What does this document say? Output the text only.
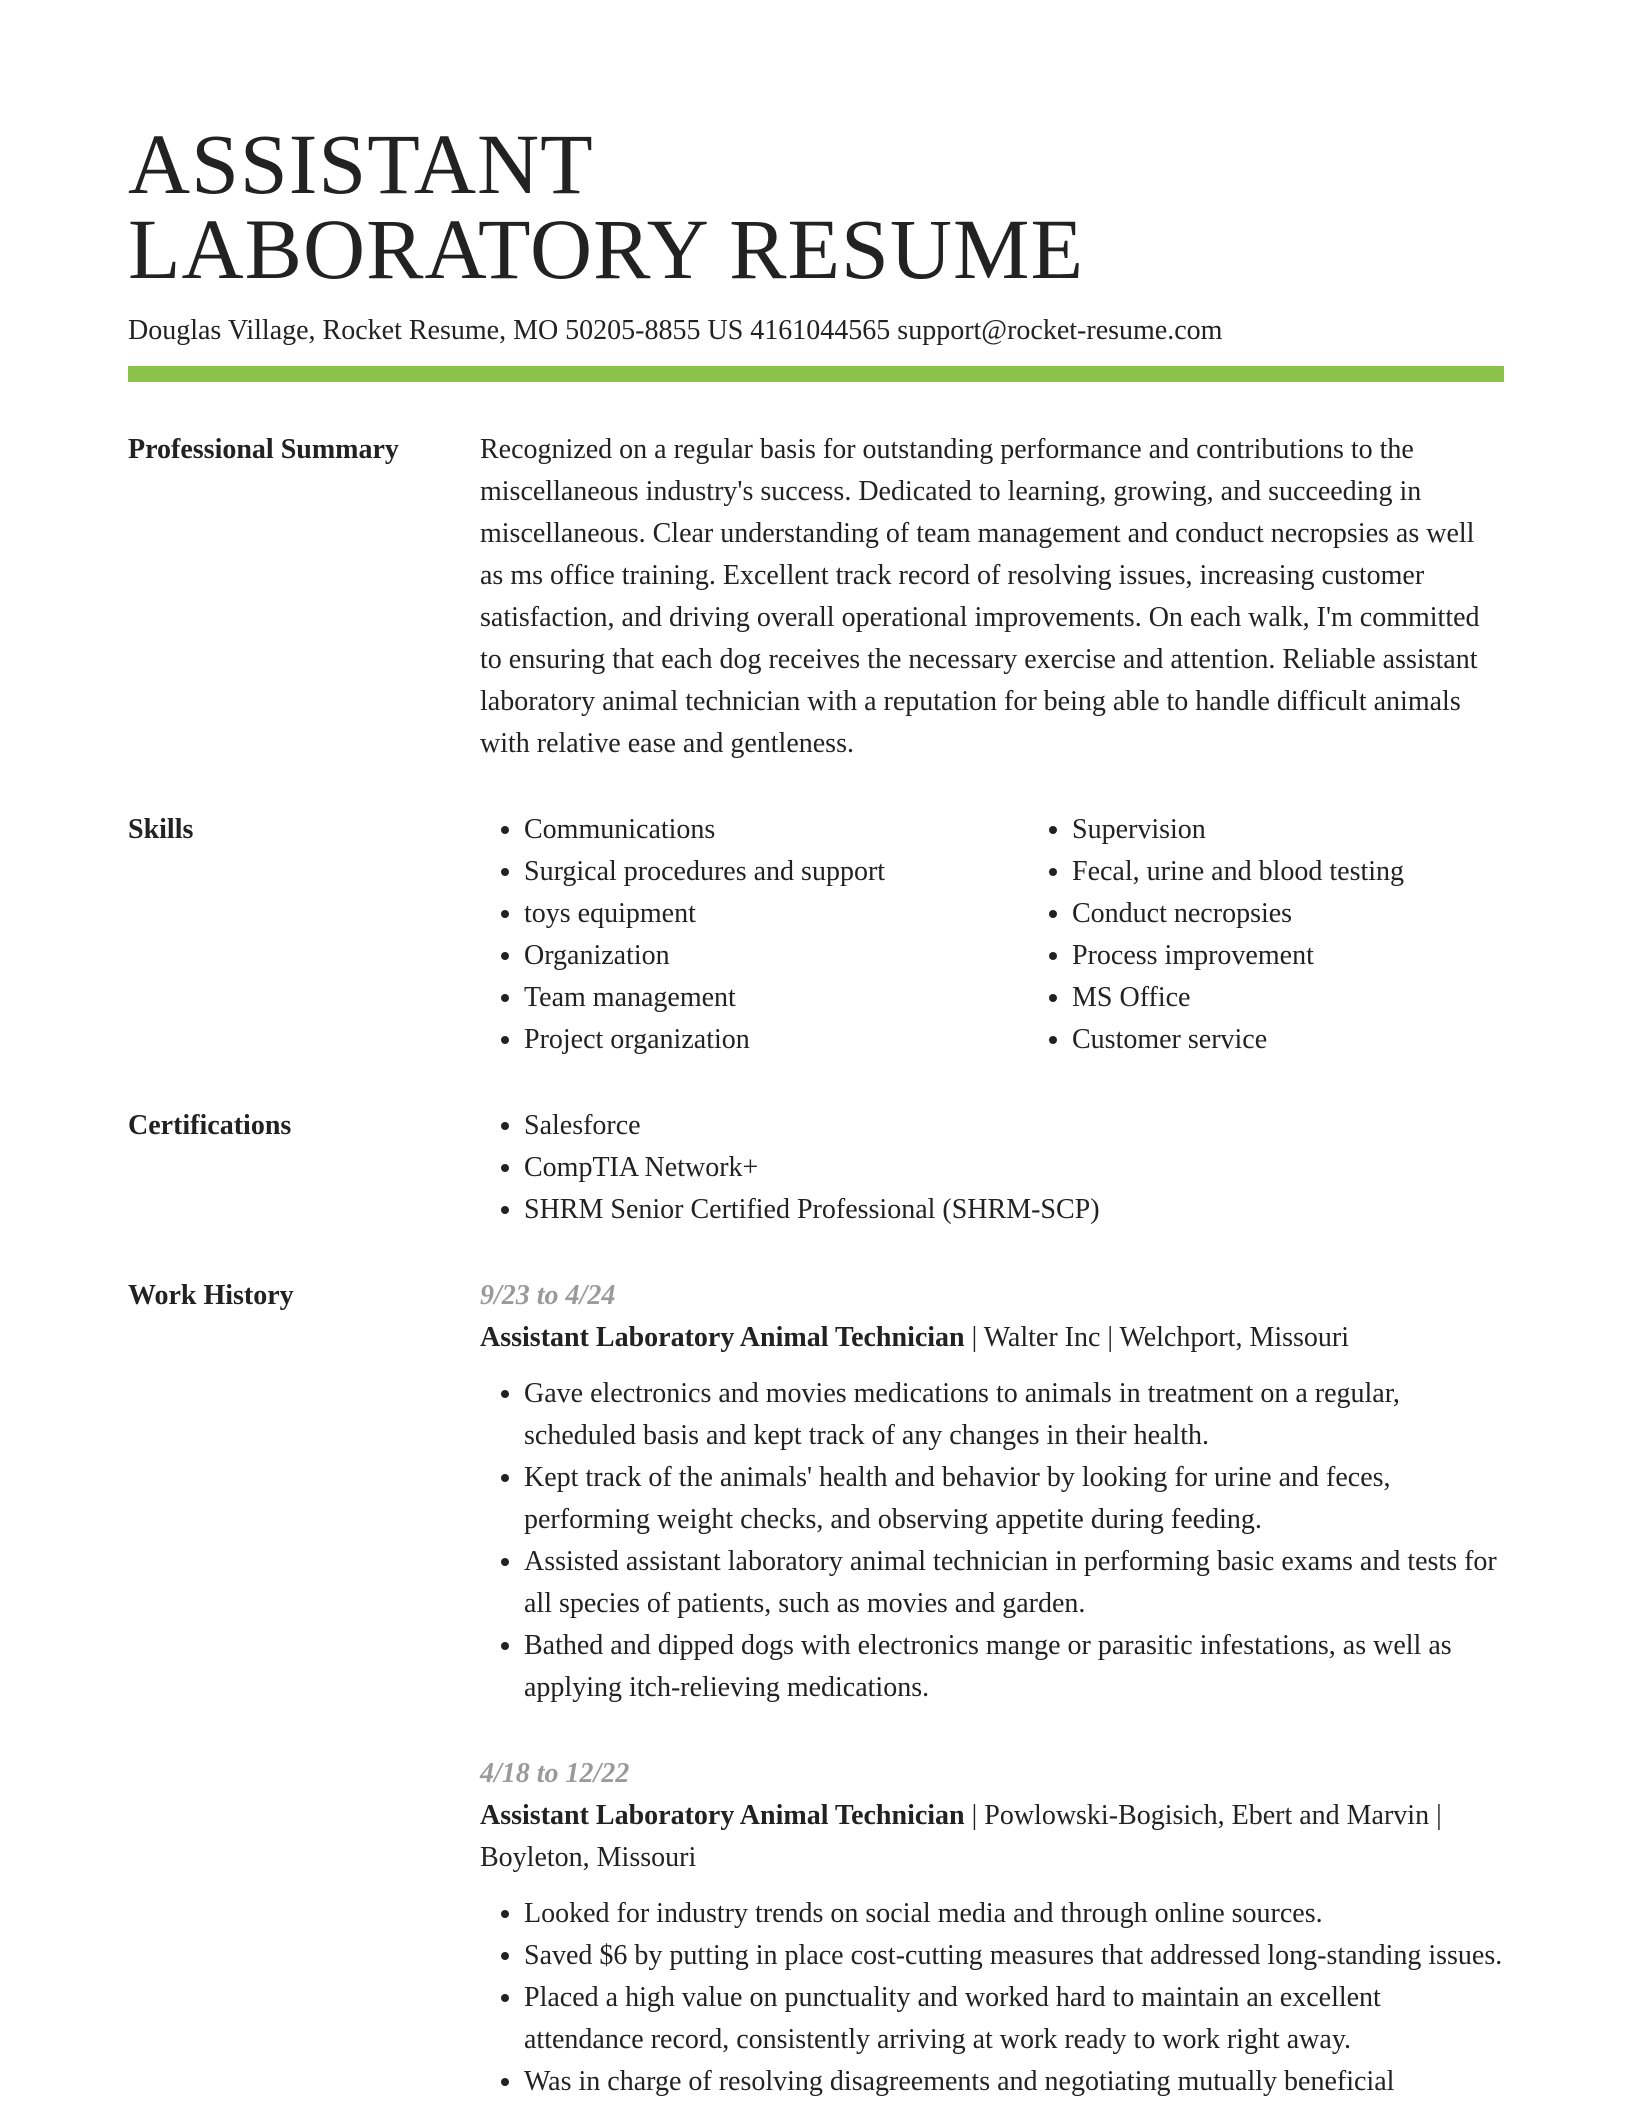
ASSISTANT
LABORATORY RESUME
Douglas Village, Rocket Resume, MO 50205-8855 US 4161044565 support@rocket-resume.com
Professional Summary	Recognized on a regular basis for outstanding performance and contributions to the miscellaneous industry's success. Dedicated to learning, growing, and succeeding in miscellaneous. Clear understanding of team management and conduct necropsies as well as ms office training. Excellent track record of resolving issues, increasing customer satisfaction, and driving overall operational improvements. On each walk, I'm committed to ensuring that each dog receives the necessary exercise and attention. Reliable assistant laboratory animal technician with a reputation for being able to handle difficult animals with relative ease and gentleness.

Skills	• Communications
• Surgical procedures and support
• toys equipment
• Organization
• Team management
• Project organization
• Supervision
• Fecal, urine and blood testing
• Conduct necropsies
• Process improvement
• MS Office
• Customer service
Certifications	• Salesforce
• CompTIA Network+
• SHRM Senior Certified Professional (SHRM-SCP)
Work History	9/23 to 4/24
Assistant Laboratory Animal Technician | Walter Inc | Welchport, Missouri
• Gave electronics and movies medications to animals in treatment on a regular, scheduled basis and kept track of any changes in their health.
• Kept track of the animals' health and behavior by looking for urine and feces, performing weight checks, and observing appetite during feeding.
• Assisted assistant laboratory animal technician in performing basic exams and tests for all species of patients, such as movies and garden.
• Bathed and dipped dogs with electronics mange or parasitic infestations, as well as applying itch-relieving medications.
4/18 to 12/22
Assistant Laboratory Animal Technician | Powlowski-Bogisich, Ebert and Marvin | Boyleton, Missouri
• Looked for industry trends on social media and through online sources.
• Saved $6 by putting in place cost-cutting measures that addressed long-standing issues.
• Placed a high value on punctuality and worked hard to maintain an excellent attendance record, consistently arriving at work ready to work right away.
• Was in charge of resolving disagreements and negotiating mutually beneficial
